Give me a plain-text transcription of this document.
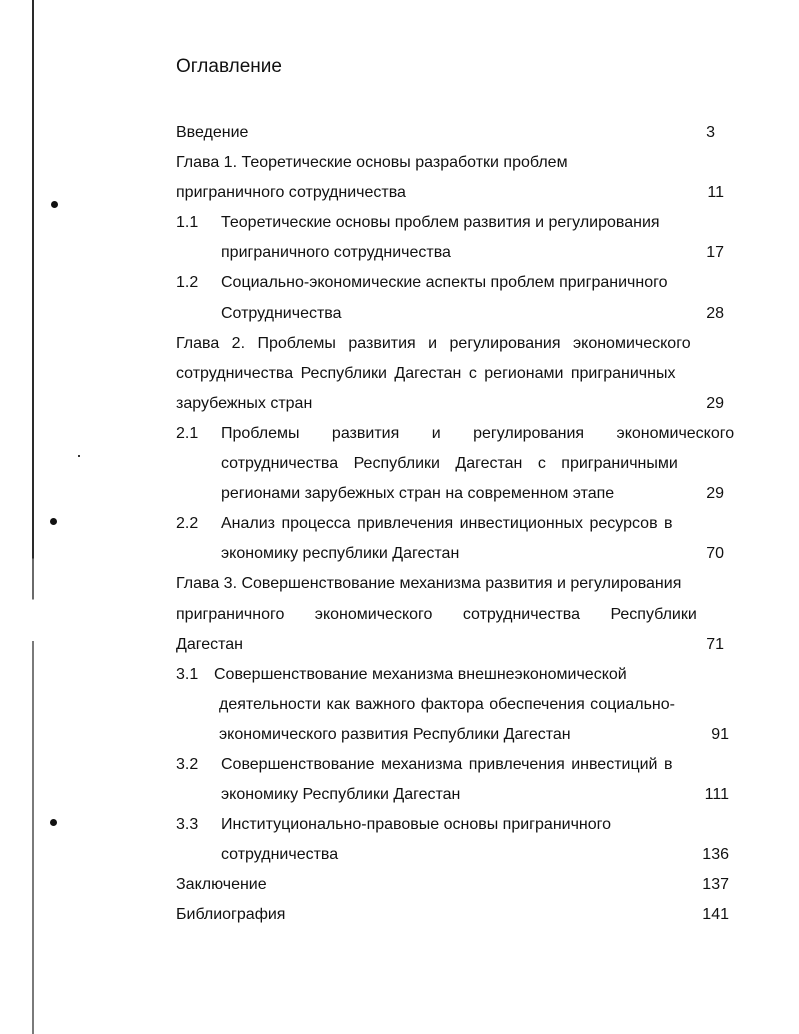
Оглавление
Введение	3
Глава 1. Теоретические основы разработки проблем
приграничного сотрудничества	11
1.1 Теоретические основы проблем развития и регулирования
приграничного сотрудничества	17
1.2 Социально-экономические аспекты проблем приграничного
Сотрудничества	28
Глава 2. Проблемы развития и регулирования экономического
сотрудничества Республики Дагестан с регионами приграничных
зарубежных стран	29
2.1 Проблемы развития и регулирования экономического
сотрудничества Республики Дагестан с приграничными
регионами зарубежных стран на современном этапе	29
2.2 Анализ процесса привлечения инвестиционных ресурсов в
экономику республики Дагестан	70
Глава 3. Совершенствование механизма развития и регулирования
приграничного экономического сотрудничества Республики
Дагестан	71
3.1 Совершенствование механизма внешнеэкономической
деятельности как важного фактора обеспечения социально-
экономического развития Республики Дагестан	91
3.2 Совершенствование механизма привлечения инвестиций в
экономику Республики Дагестан	111
3.3 Институционально-правовые основы приграничного
сотрудничества	136
Заключение	137
Библиография	141
